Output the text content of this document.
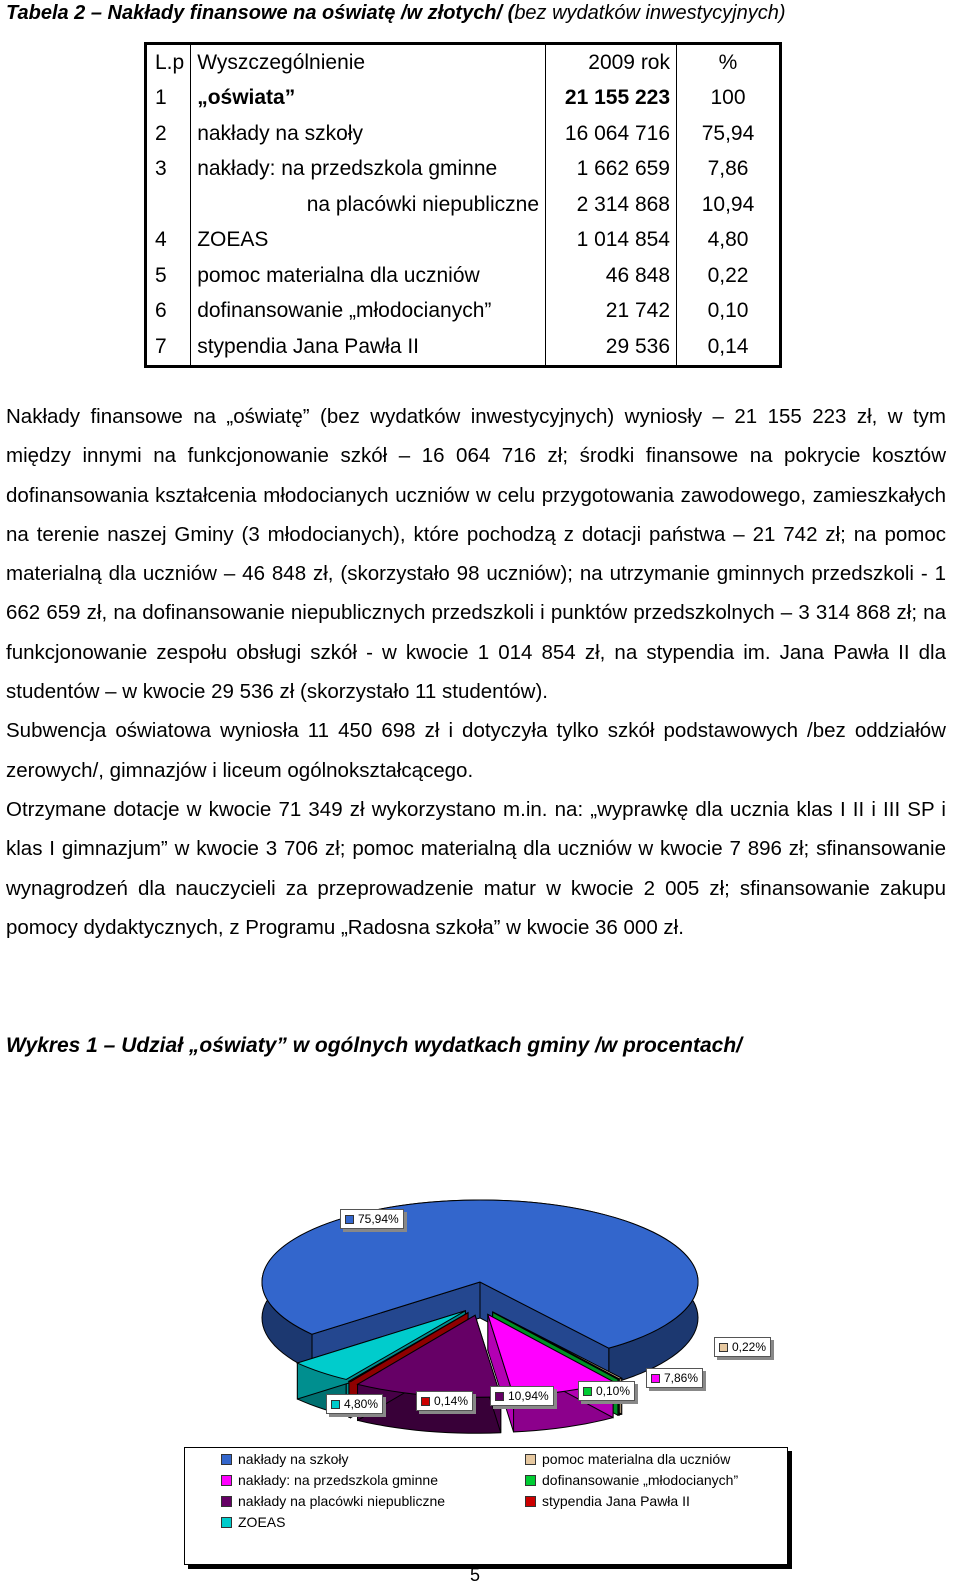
Tabela 2 – Nakłady finansowe na oświatę /w złotych/ (bez wydatków inwestycyjnych)
L.p	Wyszczególnienie	2009 rok	%
1	„oświata”	21 155 223	100
2	nakłady na szkoły	16 064 716	75,94
3	nakłady: na przedszkola gminne	1 662 659	7,86
	na placówki niepubliczne	2 314 868	10,94
4	ZOEAS	1 014 854	4,80
5	pomoc materialna dla uczniów	46 848	0,22
6	dofinansowanie „młodocianych”	21 742	0,10
7	stypendia Jana Pawła II	29 536	0,14

Nakłady finansowe na „oświatę” (bez wydatków inwestycyjnych) wyniosły – 21 155 223 zł, w tym między innymi na funkcjonowanie szkół – 16 064 716 zł; środki finansowe na pokrycie kosztów dofinansowania kształcenia młodocianych uczniów w celu przygotowania zawodowego, zamieszkałych na terenie naszej Gminy (3 młodocianych), które pochodzą z dotacji państwa – 21 742 zł; na pomoc materialną dla uczniów – 46 848 zł, (skorzystało 98 uczniów); na utrzymanie gminnych przedszkoli - 1 662 659 zł, na dofinansowanie niepublicznych przedszkoli i punktów przedszkolnych – 3 314 868 zł; na funkcjonowanie zespołu obsługi szkół - w kwocie 1 014 854 zł, na stypendia im. Jana Pawła II dla studentów – w kwocie 29 536 zł (skorzystało 11 studentów).

Subwencja oświatowa wyniosła 11 450 698 zł i dotyczyła tylko szkół podstawowych /bez oddziałów zerowych/, gimnazjów i liceum ogólnokształcącego.

Otrzymane dotacje w kwocie 71 349 zł wykorzystano m.in. na: „wyprawkę dla ucznia klas I II i III SP i klas I gimnazjum” w kwocie 3 706 zł; pomoc materialną dla uczniów w kwocie 7 896 zł; sfinansowanie wynagrodzeń dla nauczycieli za przeprowadzenie matur w kwocie 2 005 zł; sfinansowanie zakupu pomocy dydaktycznych, z Programu „Radosna szkoła” w kwocie 36 000 zł.

Wykres 1 – Udział „oświaty” w ogólnych wydatkach gminy /w procentach/
75,94%
7,86%
10,94%
4,80%
0,22%
0,10%
0,14%
nakłady na szkoły
nakłady: na przedszkola gminne
nakłady na placówki niepubliczne
ZOEAS
pomoc materialna dla uczniów
dofinansowanie „młodocianych”
stypendia Jana Pawła II
5
